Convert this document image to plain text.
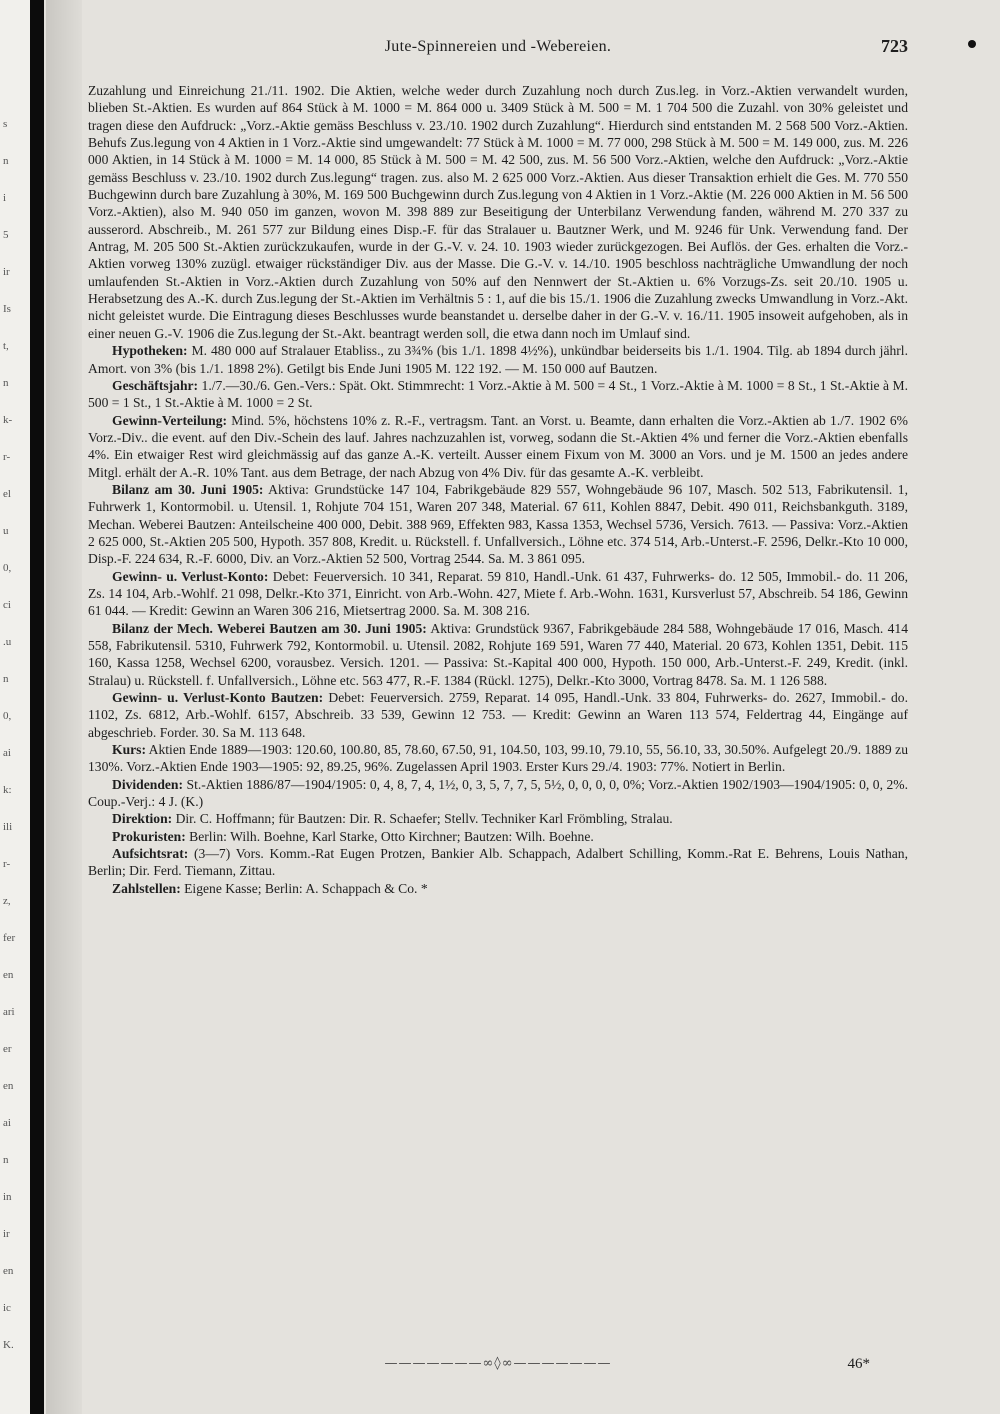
s
n
i
5
ir
Is
t,
n
k-
r-
el
u
0,
ci
.u
n
0,
ai
k:
ili
r-
z,
fer
en
ari
er
en
ai
n
in
ir
en
ic
K.
Jute-Spinnereien und -Webereien.	723

Zuzahlung und Einreichung 21./11. 1902. Die Aktien, welche weder durch Zuzahlung noch durch Zus.leg. in Vorz.-Aktien verwandelt wurden, blieben St.-Aktien. Es wurden auf 864 Stück à M. 1000 = M. 864 000 u. 3409 Stück à M. 500 = M. 1 704 500 die Zuzahl. von 30% geleistet und tragen diese den Aufdruck: „Vorz.-Aktie gemäss Beschluss v. 23./10. 1902 durch Zuzahlung“. Hierdurch sind entstanden M. 2 568 500 Vorz.-Aktien. Behufs Zus.legung von 4 Aktien in 1 Vorz.-Aktie sind umgewandelt: 77 Stück à M. 1000 = M. 77 000, 298 Stück à M. 500 = M. 149 000, zus. M. 226 000 Aktien, in 14 Stück à M. 1000 = M. 14 000, 85 Stück à M. 500 = M. 42 500, zus. M. 56 500 Vorz.-Aktien, welche den Aufdruck: „Vorz.-Aktie gemäss Beschluss v. 23./10. 1902 durch Zus.legung“ tragen. zus. also M. 2 625 000 Vorz.-Aktien. Aus dieser Transaktion erhielt die Ges. M. 770 550 Buchgewinn durch bare Zuzahlung à 30%, M. 169 500 Buchgewinn durch Zus.legung von 4 Aktien in 1 Vorz.-Aktie (M. 226 000 Aktien in M. 56 500 Vorz.-Aktien), also M. 940 050 im ganzen, wovon M. 398 889 zur Beseitigung der Unterbilanz Verwendung fanden, während M. 270 337 zu ausserord. Abschreib., M. 261 577 zur Bildung eines Disp.-F. für das Stralauer u. Bautzner Werk, und M. 9246 für Unk. Verwendung fand. Der Antrag, M. 205 500 St.-Aktien zurückzukaufen, wurde in der G.-V. v. 24. 10. 1903 wieder zurückgezogen. Bei Auflös. der Ges. erhalten die Vorz.-Aktien vorweg 130% zuzügl. etwaiger rückständiger Div. aus der Masse. Die G.-V. v. 14./10. 1905 beschloss nachträgliche Umwandlung der noch umlaufenden St.-Aktien in Vorz.-Aktien durch Zuzahlung von 50% auf den Nennwert der St.-Aktien u. 6% Vorzugs-Zs. seit 20./10. 1905 u. Herabsetzung des A.-K. durch Zus.legung der St.-Aktien im Verhältnis 5 : 1, auf die bis 15./1. 1906 die Zuzahlung zwecks Umwandlung in Vorz.-Akt. nicht geleistet wurde. Die Eintragung dieses Beschlusses wurde beanstandet u. derselbe daher in der G.-V. v. 16./11. 1905 insoweit aufgehoben, als in einer neuen G.-V. 1906 die Zus.legung der St.-Akt. beantragt werden soll, die etwa dann noch im Umlauf sind.

Hypotheken: M. 480 000 auf Stralauer Etabliss., zu 3¾% (bis 1./1. 1898 4½%), unkündbar beiderseits bis 1./1. 1904. Tilg. ab 1894 durch jährl. Amort. von 3% (bis 1./1. 1898 2%). Getilgt bis Ende Juni 1905 M. 122 192. — M. 150 000 auf Bautzen.

Geschäftsjahr: 1./7.—30./6. Gen.-Vers.: Spät. Okt. Stimmrecht: 1 Vorz.-Aktie à M. 500 = 4 St., 1 Vorz.-Aktie à M. 1000 = 8 St., 1 St.-Aktie à M. 500 = 1 St., 1 St.-Aktie à M. 1000 = 2 St.

Gewinn-Verteilung: Mind. 5%, höchstens 10% z. R.-F., vertragsm. Tant. an Vorst. u. Beamte, dann erhalten die Vorz.-Aktien ab 1./7. 1902 6% Vorz.-Div.. die event. auf den Div.-Schein des lauf. Jahres nachzuzahlen ist, vorweg, sodann die St.-Aktien 4% und ferner die Vorz.-Aktien ebenfalls 4%. Ein etwaiger Rest wird gleichmässig auf das ganze A.-K. verteilt. Ausser einem Fixum von M. 3000 an Vors. und je M. 1500 an jedes andere Mitgl. erhält der A.-R. 10% Tant. aus dem Betrage, der nach Abzug von 4% Div. für das gesamte A.-K. verbleibt.

Bilanz am 30. Juni 1905: Aktiva: Grundstücke 147 104, Fabrikgebäude 829 557, Wohngebäude 96 107, Masch. 502 513, Fabrikutensil. 1, Fuhrwerk 1, Kontormobil. u. Utensil. 1, Rohjute 704 151, Waren 207 348, Material. 67 611, Kohlen 8847, Debit. 490 011, Reichsbankguth. 3189, Mechan. Weberei Bautzen: Anteilscheine 400 000, Debit. 388 969, Effekten 983, Kassa 1353, Wechsel 5736, Versich. 7613. — Passiva: Vorz.-Aktien 2 625 000, St.-Aktien 205 500, Hypoth. 357 808, Kredit. u. Rückstell. f. Unfallversich., Löhne etc. 374 514, Arb.-Unterst.-F. 2596, Delkr.-Kto 10 000, Disp.-F. 224 634, R.-F. 6000, Div. an Vorz.-Aktien 52 500, Vortrag 2544. Sa. M. 3 861 095.

Gewinn- u. Verlust-Konto: Debet: Feuerversich. 10 341, Reparat. 59 810, Handl.-Unk. 61 437, Fuhrwerks- do. 12 505, Immobil.- do. 11 206, Zs. 14 104, Arb.-Wohlf. 21 098, Delkr.-Kto 371, Einricht. von Arb.-Wohn. 427, Miete f. Arb.-Wohn. 1631, Kursverlust 57, Abschreib. 54 186, Gewinn 61 044. — Kredit: Gewinn an Waren 306 216, Mietsertrag 2000. Sa. M. 308 216.

Bilanz der Mech. Weberei Bautzen am 30. Juni 1905: Aktiva: Grundstück 9367, Fabrikgebäude 284 588, Wohngebäude 17 016, Masch. 414 558, Fabrikutensil. 5310, Fuhrwerk 792, Kontormobil. u. Utensil. 2082, Rohjute 169 591, Waren 77 440, Material. 20 673, Kohlen 1351, Debit. 115 160, Kassa 1258, Wechsel 6200, vorausbez. Versich. 1201. — Passiva: St.-Kapital 400 000, Hypoth. 150 000, Arb.-Unterst.-F. 249, Kredit. (inkl. Stralau) u. Rückstell. f. Unfallversich., Löhne etc. 563 477, R.-F. 1384 (Rückl. 1275), Delkr.-Kto 3000, Vortrag 8478. Sa. M. 1 126 588.

Gewinn- u. Verlust-Konto Bautzen: Debet: Feuerversich. 2759, Reparat. 14 095, Handl.-Unk. 33 804, Fuhrwerks- do. 2627, Immobil.- do. 1102, Zs. 6812, Arb.-Wohlf. 6157, Abschreib. 33 539, Gewinn 12 753. — Kredit: Gewinn an Waren 113 574, Feldertrag 44, Eingänge auf abgeschrieb. Forder. 30. Sa M. 113 648.

Kurs: Aktien Ende 1889—1903: 120.60, 100.80, 85, 78.60, 67.50, 91, 104.50, 103, 99.10, 79.10, 55, 56.10, 33, 30.50%. Aufgelegt 20./9. 1889 zu 130%. Vorz.-Aktien Ende 1903—1905: 92, 89.25, 96%. Zugelassen April 1903. Erster Kurs 29./4. 1903: 77%. Notiert in Berlin.

Dividenden: St.-Aktien 1886/87—1904/1905: 0, 4, 8, 7, 4, 1½, 0, 3, 5, 7, 7, 5, 5½, 0, 0, 0, 0, 0%; Vorz.-Aktien 1902/1903—1904/1905: 0, 0, 2%. Coup.-Verj.: 4 J. (K.)

Direktion: Dir. C. Hoffmann; für Bautzen: Dir. R. Schaefer; Stellv. Techniker Karl Frömbling, Stralau.

Prokuristen: Berlin: Wilh. Boehne, Karl Starke, Otto Kirchner; Bautzen: Wilh. Boehne.

Aufsichtsrat: (3—7) Vors. Komm.-Rat Eugen Protzen, Bankier Alb. Schappach, Adalbert Schilling, Komm.-Rat E. Behrens, Louis Nathan, Berlin; Dir. Ferd. Tiemann, Zittau.

Zahlstellen: Eigene Kasse; Berlin: A. Schappach & Co. *

———————∞◊∞———————	46*
